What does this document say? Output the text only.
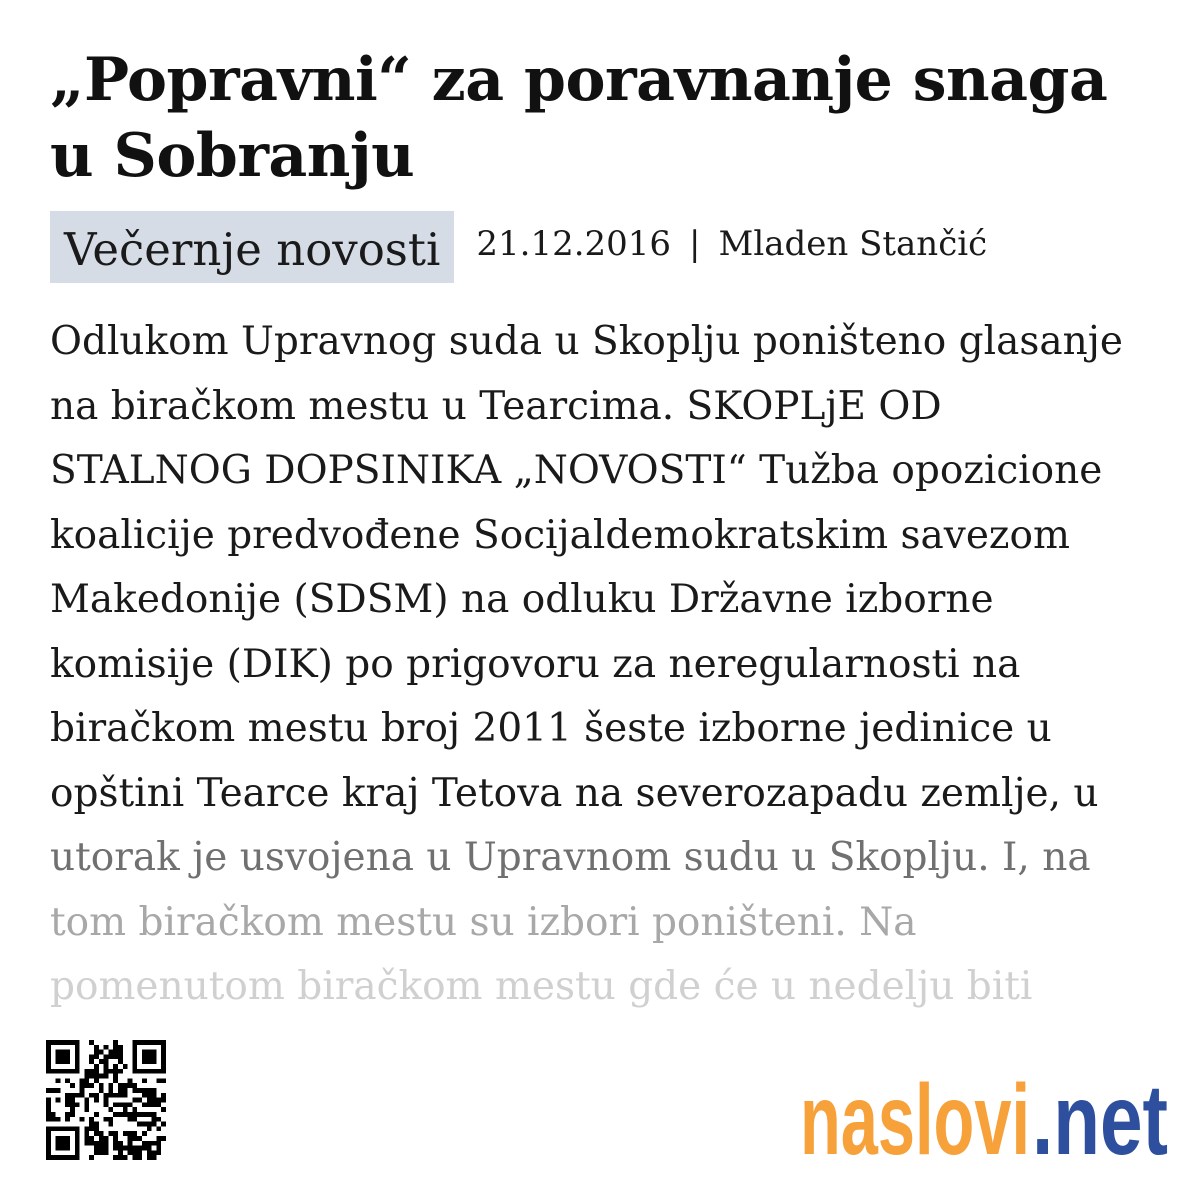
„Popravni“ za poravnanje snaga u Sobranju
Večernje novosti	21.12.2016 | Mladen Stančić
Odlukom Upravnog suda u Skoplju poništeno glasanje
na biračkom mestu u Tearcima. SKOPLjE OD
STALNOG DOPSINIKA „NOVOSTI“ Tužba opozicione
koalicije predvođene Socijaldemokratskim savezom
Makedonije (SDSM) na odluku Državne izborne
komisije (DIK) po prigovoru za neregularnosti na
biračkom mestu broj 2011 šeste izborne jedinice u
opštini Tearce kraj Tetova na severozapadu zemlje, u
utorak je usvojena u Upravnom sudu u Skoplju. I, na
tom biračkom mestu su izbori poništeni. Na
pomenutom biračkom mestu gde će u nedelju biti
naslovi .net
